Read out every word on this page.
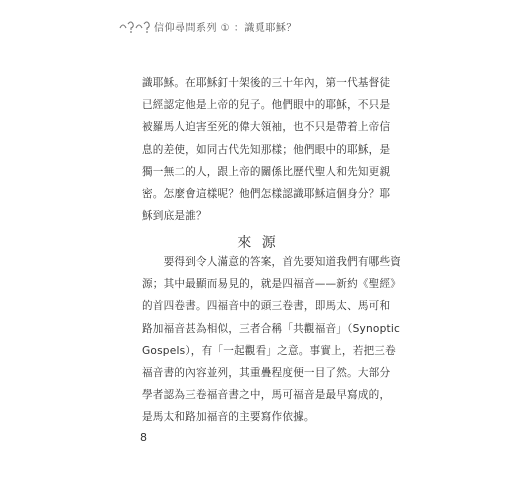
信仰尋問系列 ① ：識覓耶穌？
識耶穌。在耶穌釘十架後的三十年內，第一代基督徒
已經認定他是上帝的兒子。他們眼中的耶穌，不只是
被羅馬人迫害至死的偉大領袖，也不只是帶着上帝信
息的差使，如同古代先知那樣；他們眼中的耶穌，是
獨一無二的人，跟上帝的關係比歷代聖人和先知更親
密。怎麼會這樣呢？他們怎樣認識耶穌這個身分？耶
穌到底是誰？
來 源
　　要得到令人滿意的答案，首先要知道我們有哪些資
源；其中最顯而易見的，就是四福音——新約《聖經》
的首四卷書。四福音中的頭三卷書，即馬太、馬可和
路加福音甚為相似，三者合稱「共觀福音」（Synoptic
Gospels），有「一起觀看」之意。事實上，若把三卷
福音書的內容並列，其重疊程度便一目了然。大部分
學者認為三卷福音書之中，馬可福音是最早寫成的，
是馬太和路加福音的主要寫作依據。
8
